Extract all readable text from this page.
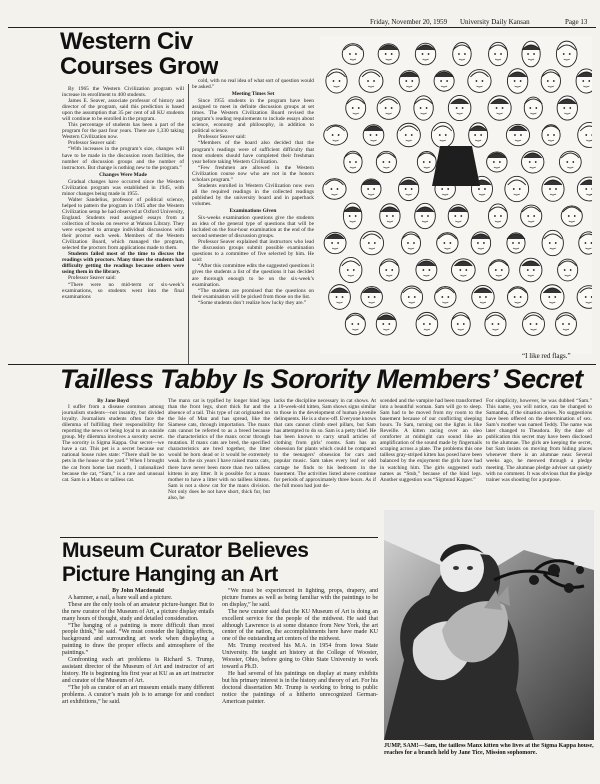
Friday, November 20, 1959 University Daily Kansan	Page 13
Western Civ
Courses Grow

By 1965 the Western Civilization program will increase its enrollment to 400 students.

James E. Seaver, associate professor of history and director of the program, said this prediction is based upon the assumption that 35 per cent of all KU students will continue to be enrolled in the program.

This percentage of students has been a part of the program for the past four years. There are 1,330 taking Western Civilization now.

Professor Seaver said:

“With increases in the program’s size, changes will have to be made in the discussion room facilities, the number of discussion groups and the number of instructors. But change is nothing new to the program.”

Changes Were Made

Gradual changes have occurred since the Western Civilization program was established in 1945, with minor changes being made in 1955.

Walter Sandelius, professor of political science, helped to pattern the program in 1945 after the Western Civilization setup he had observed at Oxford University, England. Students read assigned essays from a collection of books on reserve at Watson Library. They were expected to arrange individual discussions with their proctor each week. Members of the Western Civilization Board, which managed the program, selected the proctors from applications made to them.

Students failed most of the time to discuss the readings with proctors. Many times the students had difficulty getting the readings because others were using them in the library.

Professor Seaver said:

“There were no mid-term or six-week’s examinations, so students went into the final examinations

cold, with no real idea of what sort of question would be asked.”

Meeting Times Set

Since 1955 students in the program have been assigned to meet in definite discussion groups at set times. The Western Civilization Board revised the program’s reading requirements to include essays about science, economy and philosophy, in addition to political science.

Professor Seaver said:

“Members of the board also decided that the program’s readings were of sufficient difficulty that most students should have completed their freshman year before taking Western Civilization.

“Few freshmen are allowed in the Western Civilization course now who are not in the honors scholars program.”

Students enrolled in Western Civilization now own all the required readings in the collected readings published by the university board and in paperback volumes.

Examinations Given

Six-weeks examination questions give the students an idea of the general type of questions that will be included on the four-hour examination at the end of the second semester of discussion groups.

Professor Seaver explained that instructors who lead the discussion groups submit possible examination questions to a committee of five selected by him. He said:

“After this committee edits the suggested questions it gives the students a list of the questions it has decided are thorough enough to be on the six-week’s examination.

“The students are promised that the questions on their examination will be picked from those on the list.

“Some students don’t realize how lucky they are.”

“I like red flags.”
Tailless Tabby Is Sorority Members’ Secret

By Jane Boyd

I suffer from a disease common among journalism students—not insanity, but divided loyalty. Journalism students often face the dilemma of fulfilling their responsibility for reporting the news or being loyal to an outside group. My dilemma involves a sorority secret. The sorority is Sigma Kappa. Our secret—we have a cat. This pet is a secret because our national house rules state: “There shall be no pets in the house or the yard.” When I brought the cat from home last month, I rationalized because the cat, “Sam,” is a rare and unusual cat. Sam is a Manx or tailless cat.

The manx cat is typified by longer hind legs than the front legs, short thick fur and the absence of a tail. This type of cat originated on the Isle of Man and has spread, like the Siamese cats, through importation. The manx cats cannot be referred to as a breed because the characteristics of the manx occur through mutation. If manx cats are bred, the specified characteristics are bred together, the litter would be born dead or it would be extremely weak. In the six years I have raised manx cats, there have never been more than two tailless kittens in any litter. It is possible for a manx mother to have a litter with no tailless kittens. Sam is not a show cat for the manx division. Not only does he not have short, thick fur, but also, he
lacks the discipline necessary in cat shows. At a 10-week-old kitten, Sam shows signs similar to those in the development of human juvenile delinquents. He is a show-off. Everyone knows that cats cannot climb steel pillars, but Sam has attempted to do so. Sam is a petty thief. He has been known to carry small articles of clothing from girls’ rooms. Sam has an obsession for plants which could be compared to the teenagers’ obsession for cars and popular music. Sam takes every leaf or odd cartage he finds to his bedroom in the basement. The activities listed above continue for periods of approximately three hours. As if the full moon had just de-
scended and the vampire had been transformed into a beautiful woman. Sam will go to sleep. Sam had to be moved from my room to the basement because of our conflicting sleeping hours. To Sam, turning out the lights is like Reveille. A kitten racing over an oleo comforter at midnight can sound like an amplification of the sound made by fingernails scraping across a plate. The problems this one tailless gray-striped kitten has posed have been balanced by the enjoyment the girls have had in watching him. The girls suggested such names as “Stub,” because of the hind legs. Another suggestion was “Sigmund Kapper.”
For simplicity, however, he was dubbed “Sam.” This name, you will notice, can be changed to Samantha, if the situation arises. No suggestions have been offered on the determination of sex. Sam’s mother was named Teddy. The name was later changed to Theadora. By the date of publication this secret may have been disclosed to the alumnae. The girls are keeping the secret, but Sam insists on moving from hiding places whenever there is an alumnae near. Several weeks ago, he meowed through a pledge meeting. The alumnae pledge adviser sat quietly with no comment. It was obvious that the pledge trainer was shouting for a purpose.
Museum Curator Believes
Picture Hanging an Art

By John Macdonald

A hammer, a nail, a bare wall and a picture.

These are the only tools of an amateur picture-hanger. But to the new curator of the Museum of Art, a picture display entails many hours of thought, study and detailed consideration.

“The hanging of a painting is more difficult than most people think,” he said. “We must consider the lighting effects, background and surrounding art work when displaying a painting to draw the proper effects and atmosphere of the paintings.”

Confronting such art problems is Richard S. Trump, assistant director of the Museum of Art and instructor of art history. He is beginning his first year at KU as an art instructor and curator of the Museum of Art.

“The job as curator of an art museum entails many different problems. A curator’s main job is to arrange for and conduct art exhibitions,” he said.

“We must be experienced in lighting, props, drapery, and picture frames as well as being familiar with the paintings to be on display,” he said.

The new curator said that the KU Museum of Art is doing an excellent service for the people of the midwest. He said that although Lawrence is at some distance from New York, the art center of the nation, the accomplishments here have made KU one of the outstanding art centers of the midwest.

Mr. Trump received his M.A. in 1954 from Iowa State University. He taught art history at the College of Wooster, Wooster, Ohio, before going to Ohio State University to work toward a Ph.D.

He had several of his paintings on display at many exhibits but his primary interest is in the history and theory of art. For his doctoral dissertation Mr. Trump is working to bring to public notice the paintings of a hitherto unrecognized German-American painter.

JUMP, SAM!—Sam, the tailless Manx kitten who lives at the Sigma Kappa house, reaches for a branch held by Jane Tice, Mission sophomore.
